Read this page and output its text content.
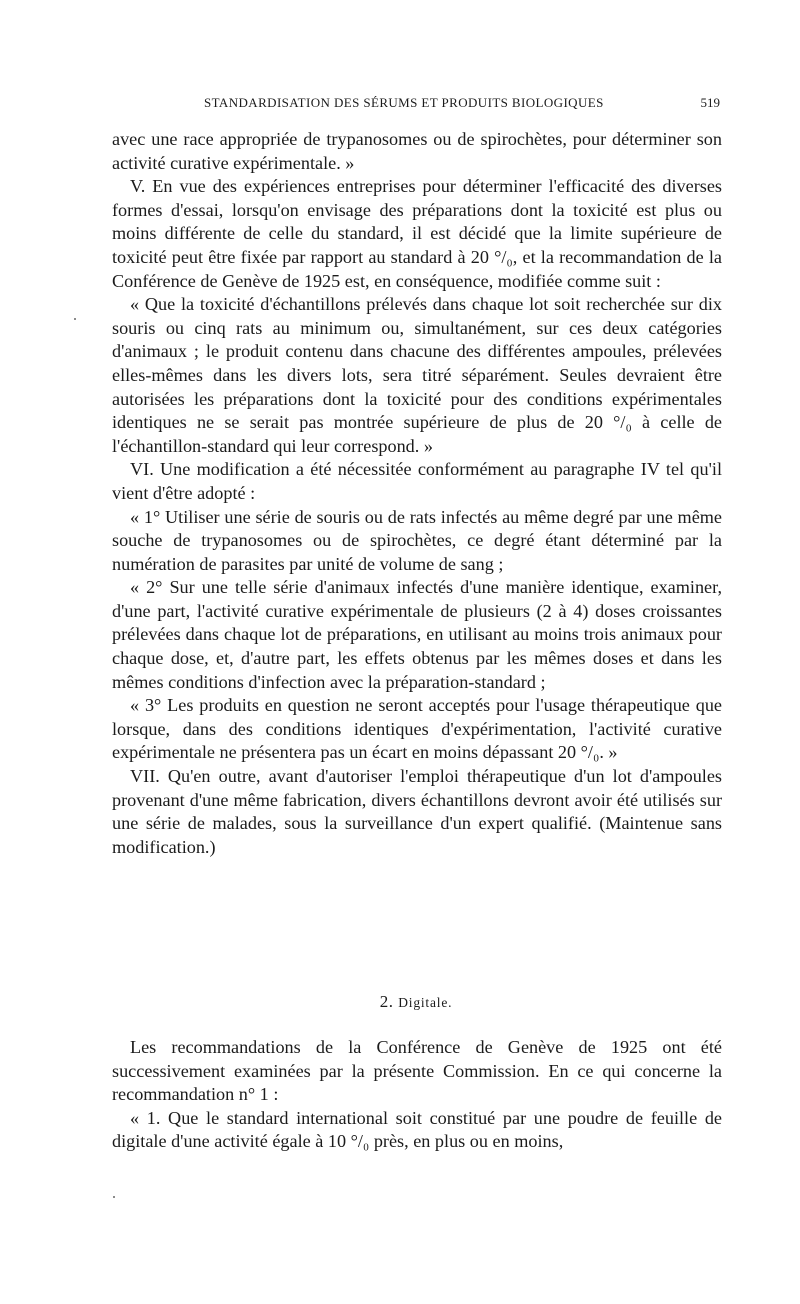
STANDARDISATION DES SÉRUMS ET PRODUITS BIOLOGIQUES	519

avec une race appropriée de trypanosomes ou de spirochètes, pour déterminer son activité curative expérimentale. »

V. En vue des expériences entreprises pour déterminer l'efficacité des diverses formes d'essai, lorsqu'on envisage des préparations dont la toxicité est plus ou moins différente de celle du standard, il est décidé que la limite supérieure de toxicité peut être fixée par rapport au standard à 20 °/₀, et la recommandation de la Conférence de Genève de 1925 est, en conséquence, modifiée comme suit :

« Que la toxicité d'échantillons prélevés dans chaque lot soit recherchée sur dix souris ou cinq rats au minimum ou, simultanément, sur ces deux catégories d'animaux ; le produit contenu dans chacune des différentes ampoules, prélevées elles-mêmes dans les divers lots, sera titré séparément. Seules devraient être autorisées les préparations dont la toxicité pour des conditions expérimentales identiques ne se serait pas montrée supérieure de plus de 20 °/₀ à celle de l'échantillon-standard qui leur correspond. »

VI. Une modification a été nécessitée conformément au paragraphe IV tel qu'il vient d'être adopté :

« 1° Utiliser une série de souris ou de rats infectés au même degré par une même souche de trypanosomes ou de spirochètes, ce degré étant déterminé par la numération de parasites par unité de volume de sang ;

« 2° Sur une telle série d'animaux infectés d'une manière identique, examiner, d'une part, l'activité curative expérimentale de plusieurs (2 à 4) doses croissantes prélevées dans chaque lot de préparations, en utilisant au moins trois animaux pour chaque dose, et, d'autre part, les effets obtenus par les mêmes doses et dans les mêmes conditions d'infection avec la préparation-standard ;

« 3° Les produits en question ne seront acceptés pour l'usage thérapeutique que lorsque, dans des conditions identiques d'expérimentation, l'activité curative expérimentale ne présentera pas un écart en moins dépassant 20 °/₀. »

VII. Qu'en outre, avant d'autoriser l'emploi thérapeutique d'un lot d'ampoules provenant d'une même fabrication, divers échantillons devront avoir été utilisés sur une série de malades, sous la surveillance d'un expert qualifié. (Maintenue sans modification.)

2. Digitale.

Les recommandations de la Conférence de Genève de 1925 ont été successivement examinées par la présente Commission. En ce qui concerne la recommandation n° 1 :

« 1. Que le standard international soit constitué par une poudre de feuille de digitale d'une activité égale à 10 °/₀ près, en plus ou en moins,
